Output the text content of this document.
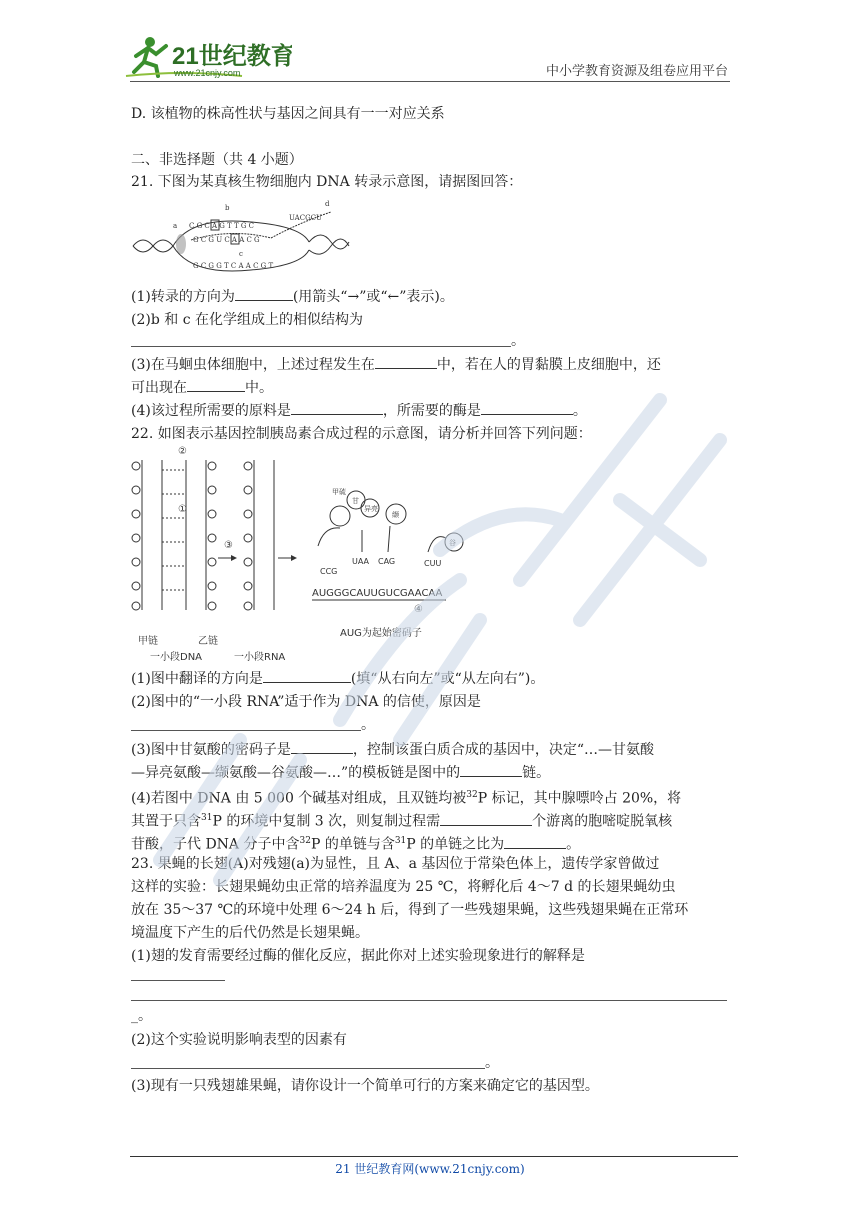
21世纪教育
www.21cnjy.com	中小学教育资源及组卷应用平台
D. 该植物的株高性状与基因之间具有一一对应关系
二、非选择题（共 4 小题）
21. 下图为某真核生物细胞内 DNA 转录示意图，请据图回答：
a
b
c
d
C G C A G T T G C
UACGCU
G C G U C A A C G
G C G G T C A A C G T
(1)转录的方向为	(用箭头“→”或“←”表示)。
(2)b 和 c 在化学组成上的相似结构为
。
(3)在马蛔虫体细胞中，上述过程发生在	中，若在人的胃黏膜上皮细胞中，还
可出现在	中。
(4)该过程所需要的原料是	，所需要的酶是	。
22. 如图表示基因控制胰岛素合成过程的示意图，请分析并回答下列问题：
②
①
③
甲硫
甘
异亮
缬
谷
CCG
UAA CAG	CUU
AUGGGCAUUGUCGAACAA
④
甲链	乙链
一小段DNA	一小段RNA
AUG为起始密码子
(1)图中翻译的方向是	(填“从右向左”或“从左向右”)。
(2)图中的“一小段 RNA”适于作为 DNA 的信使，原因是
。
(3)图中甘氨酸的密码子是	，控制该蛋白质合成的基因中，决定“…—甘氨酸
—异亮氨酸—缬氨酸—谷氨酸—…”的模板链是图中的	链。
(4)若图中 DNA 由 5 000 个碱基对组成，且双链均被$^{32}$P 标记，其中腺嘌呤占 20%，将
其置于只含$^{31}$P 的环境中复制 3 次，则复制过程需	个游离的胞嘧啶脱氧核
苷酸，子代 DNA 分子中含$^{32}$P 的单链与含$^{31}$P 的单链之比为	。
23. 果蝇的长翅(A)对残翅(a)为显性，且 A、a 基因位于常染色体上，遗传学家曾做过
这样的实验：长翅果蝇幼虫正常的培养温度为 25 ℃，将孵化后 4～7 d 的长翅果蝇幼虫
放在 35～37 ℃的环境中处理 6～24 h 后，得到了一些残翅果蝇，这些残翅果蝇在正常环
境温度下产生的后代仍然是长翅果蝇。
(1)翅的发育需要经过酶的催化反应，据此你对上述实验现象进行的解释是
_。
(2)这个实验说明影响表型的因素有
。
(3)现有一只残翅雄果蝇，请你设计一个简单可行的方案来确定它的基因型。
21 世纪教育网(www.21cnjy.com)
